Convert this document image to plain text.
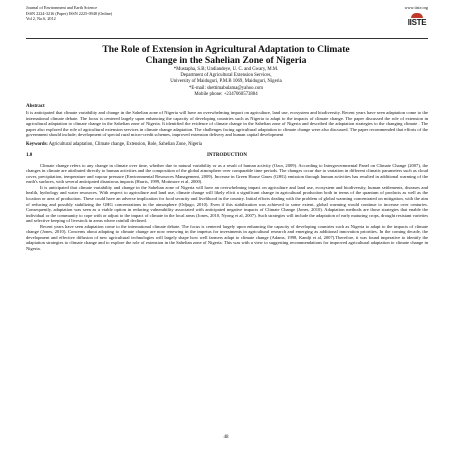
Journal of Environment and Earth Science
ISSN 2224-3216 (Paper) ISSN 2225-0948 (Online)
Vol 2, No.6, 2012
www.iiste.org
IISTE
The Role of Extension in Agricultural Adaptation to Climate
Change in the Sahelian Zone of Nigeria
*Mustapha, S.B; Undiandeye, U. C. and Gwary, M.M.
Department of Agricultural Extension Services,
University of Maiduguri, P.M.B 1069, Maiduguri, Nigeria
*E-mail: shettimabulama@yahoo.com
Mobile phone: +2347060573884
Abstract

It is anticipated that climate variability and change in the Sahelian zone of Nigeria will have an overwhelming impact on agriculture, land use, ecosystem and biodiversity. Recent years have seen adaptation come to the international climate debate. The focus is centered largely upon enhancing the capacity of developing countries such as Nigeria to adapt to the impacts of climate change. The paper discussed the role of extension in agricultural adaptation to climate change in the Sahelian zone of Nigeria. It identified the evidence of climate change in the Sahelian zone of Nigeria and described the adaptation strategies to the changing climate . The paper also explored the role of agricultural extension services in climate change adaptation. The challenges facing agricultural adaptation to climate change were also discussed. The paper recommended that efforts of the government should include; development of special rural micro-credit schemes, improved extension delivery and human capital development

Keywords: Agricultural adaptation, Climate change, Extension, Role, Sahelian Zone, Nigeria
1.0	INTRODUCTION

Climate change refers to any change in climate over time, whether due to natural variability or as a result of human activity (Ozor, 2009). According to Intergovernmental Panel on Climate Change (2007), the changes in climate are attributed directly to human activities and the composition of the global atmosphere over comparable time periods. The changes occur due to variation in different climatic parameters such as cloud cover, precipitation, temperature and vapour pressure (Environmental Resources Management, 2009). Increase in Green House Gases (GHG) emission through human activities has resulted in additional warming of the earth's surfaces, with several anticipated disastrous impacts (Harris, 1999, Motimore et al, 2000).

It is anticipated that climate variability and change in the Sahelian zone of Nigeria will have an overwhelming impact on agriculture and land use, ecosystem and biodiversity, human settlements, diseases and health, hydrology and water resources. With respect to agriculture and land use, climate change will likely elicit a significant change in agricultural production both in terms of the quantum of products as well as the location or area of production. These could have an adverse implication for food security and livelihood in the country. Initial efforts dealing with the problem of global warming concentrated on mitigation, with the aim of reducing and possibly stabilizing the GHG concentrations in the atmosphere (Odjugo, 2010). Even if this stabilization was achieved to some extent, global warming would continue to increase over centuries. Consequently, adaptation was seen as a viable option in reducing vulnerability associated with anticipated negative impacts of Climate Change (Jones, 2010). Adaptation methods are those strategies that enable the individual or the community to cope with or adjust to the impact of climate in the local areas (Jones, 2010, Nyong et al, 2007). Such strategies will include the adaptation of early maturing crops, drought resistant varieties and selective keeping of livestock in areas where rainfall declined.

Recent years have seen adaptation come to the international climate debate. The focus is centered largely upon enhancing the capacity of developing countries such as Nigeria to adapt to the impacts of climate change (Jones, 2010). Concerns about adapting to climate change are now renewing in the impetus for investments in agricultural research and emerging as additional innovation priorities. In the coming decade, the development and effective diffusion of new agricultural technologies will largely shape how well farmers adapt to climate change (Adams, 1998, Kandji et al, 2007).Therefore, it was found imperative to identify the adaptation strategies to climate change and to explore the role of extension in the Sahelian zone of Nigeria. This was with a view to suggesting recommendations for improved agricultural adaptation to climate change in Nigeria.

48
